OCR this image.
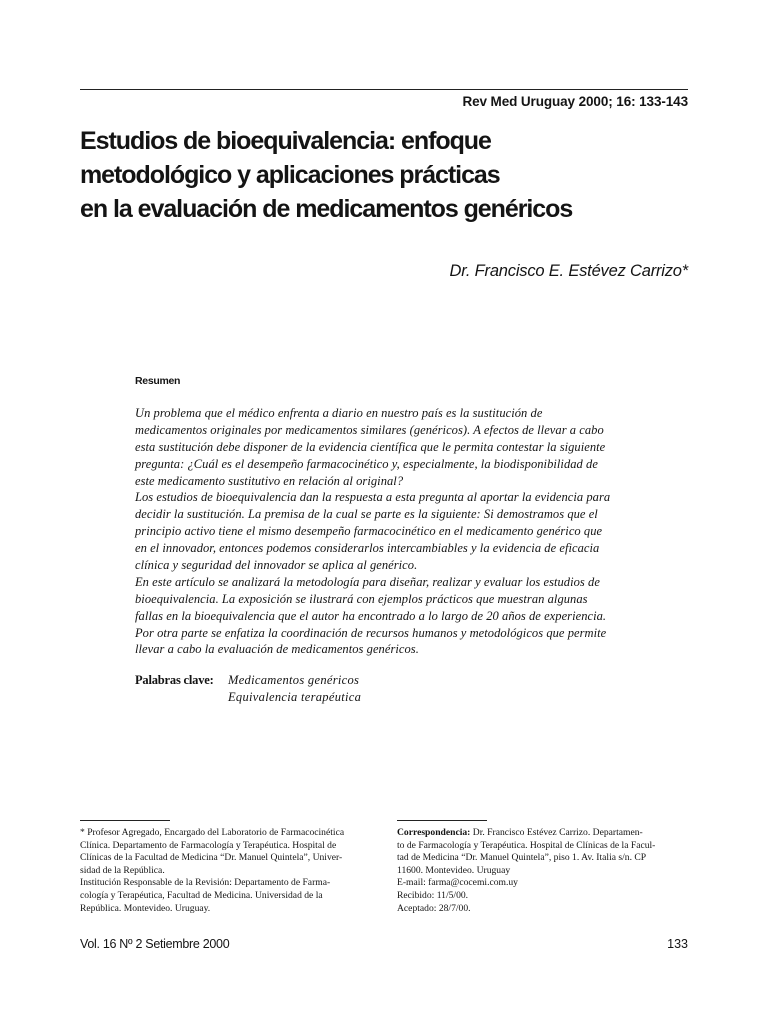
Rev Med Uruguay 2000; 16: 133-143
Estudios de bioequivalencia: enfoque
metodológico y aplicaciones prácticas
en la evaluación de medicamentos genéricos
Dr. Francisco E. Estévez Carrizo*
Resumen
Un problema que el médico enfrenta a diario en nuestro país es la sustitución de
medicamentos originales por medicamentos similares (genéricos). A efectos de llevar a cabo
esta sustitución debe disponer de la evidencia científica que le permita contestar la siguiente
pregunta: ¿Cuál es el desempeño farmacocinético y, especialmente, la biodisponibilidad de
este medicamento sustitutivo en relación al original?
Los estudios de bioequivalencia dan la respuesta a esta pregunta al aportar la evidencia para
decidir la sustitución. La premisa de la cual se parte es la siguiente: Si demostramos que el
principio activo tiene el mismo desempeño farmacocinético en el medicamento genérico que
en el innovador, entonces podemos considerarlos intercambiables y la evidencia de eficacia
clínica y seguridad del innovador se aplica al genérico.
En este artículo se analizará la metodología para diseñar, realizar y evaluar los estudios de
bioequivalencia. La exposición se ilustrará con ejemplos prácticos que muestran algunas
fallas en la bioequivalencia que el autor ha encontrado a lo largo de 20 años de experiencia.
Por otra parte se enfatiza la coordinación de recursos humanos y metodológicos que permite
llevar a cabo la evaluación de medicamentos genéricos.
Palabras clave: Medicamentos genéricos
Equivalencia terapéutica
* Profesor Agregado, Encargado del Laboratorio de Farmacocinética
Clínica. Departamento de Farmacología y Terapéutica. Hospital de
Clínicas de la Facultad de Medicina “Dr. Manuel Quintela”, Univer-
sidad de la República.
Institución Responsable de la Revisión: Departamento de Farma-
cología y Terapéutica, Facultad de Medicina. Universidad de la
República. Montevideo. Uruguay.
Correspondencia: Dr. Francisco Estévez Carrizo. Departamen-
to de Farmacología y Terapéutica. Hospital de Clínicas de la Facul-
tad de Medicina “Dr. Manuel Quintela”, piso 1. Av. Italia s/n. CP
11600. Montevideo. Uruguay
E-mail: farma@cocemi.com.uy
Recibido: 11/5/00.
Aceptado: 28/7/00.
Vol. 16 Nº 2 Setiembre 2000	133
